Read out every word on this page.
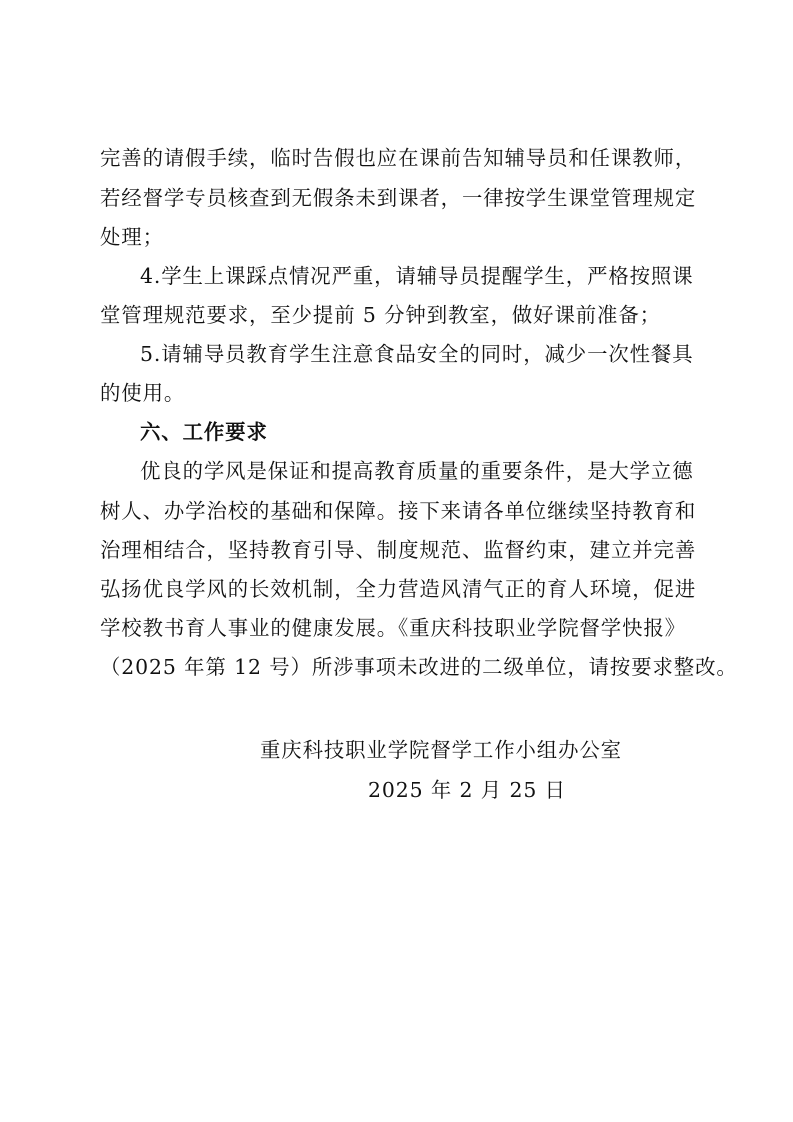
完善的请假手续，临时告假也应在课前告知辅导员和任课教师，
若经督学专员核查到无假条未到课者，一律按学生课堂管理规定
处理；
4.学生上课踩点情况严重，请辅导员提醒学生，严格按照课
堂管理规范要求，至少提前 5 分钟到教室，做好课前准备；
5.请辅导员教育学生注意食品安全的同时，减少一次性餐具
的使用。
六、工作要求
优良的学风是保证和提高教育质量的重要条件，是大学立德
树人、办学治校的基础和保障。接下来请各单位继续坚持教育和
治理相结合，坚持教育引导、制度规范、监督约束，建立并完善
弘扬优良学风的长效机制，全力营造风清气正的育人环境，促进
学校教书育人事业的健康发展。《重庆科技职业学院督学快报》
（2025 年第 12 号）所涉事项未改进的二级单位，请按要求整改。
重庆科技职业学院督学工作小组办公室
2025 年 2 月 25 日
